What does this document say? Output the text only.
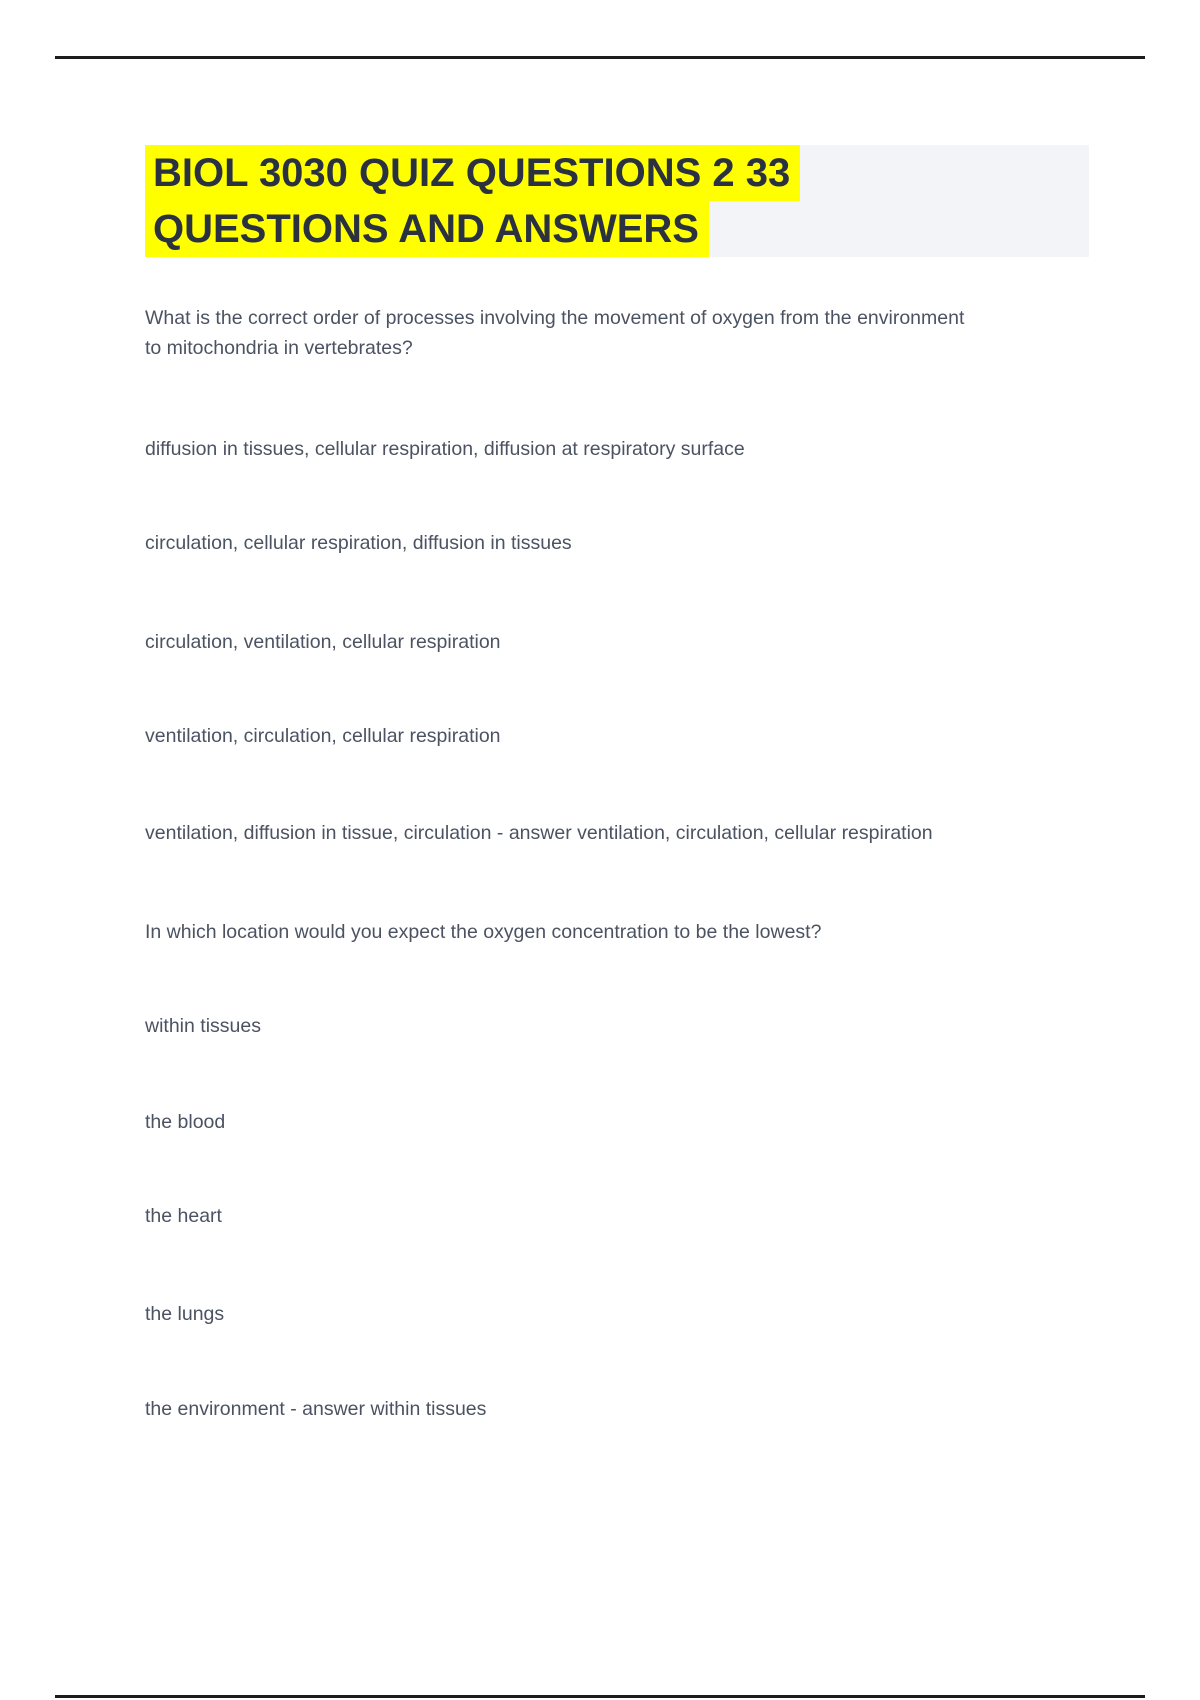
BIOL 3030 QUIZ QUESTIONS 2 33
QUESTIONS AND ANSWERS
What is the correct order of processes involving the movement of oxygen from the environment
to mitochondria in vertebrates?
diffusion in tissues, cellular respiration, diffusion at respiratory surface
circulation, cellular respiration, diffusion in tissues
circulation, ventilation, cellular respiration
ventilation, circulation, cellular respiration
ventilation, diffusion in tissue, circulation - answer ventilation, circulation, cellular respiration
In which location would you expect the oxygen concentration to be the lowest?
within tissues
the blood
the heart
the lungs
the environment - answer within tissues
